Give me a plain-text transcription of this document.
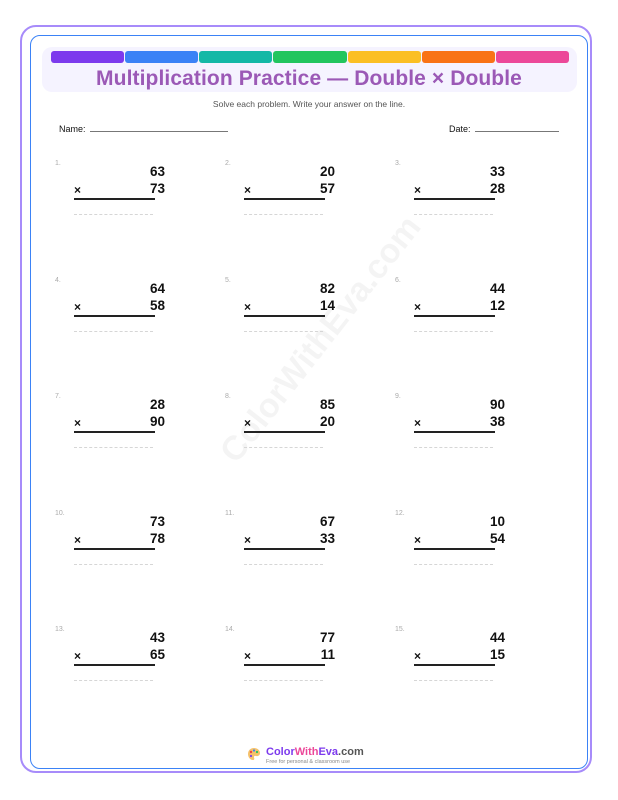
Multiplication Practice — Double × Double
Solve each problem. Write your answer on the line.
Name:	Date:
1.
63
×	73
2.
20
×	57
3.
33
×	28
4.
64
×	58
5.
82
×	14
6.
44
×	12
7.
28
×	90
8.
85
×	20
9.
90
×	38
10.
73
×	78
11.
67
×	33
12.
10
×	54
13.
43
×	65
14.
77
×	11
15.
44
×	15
ColorWithEva.com
Free for personal & classroom use
